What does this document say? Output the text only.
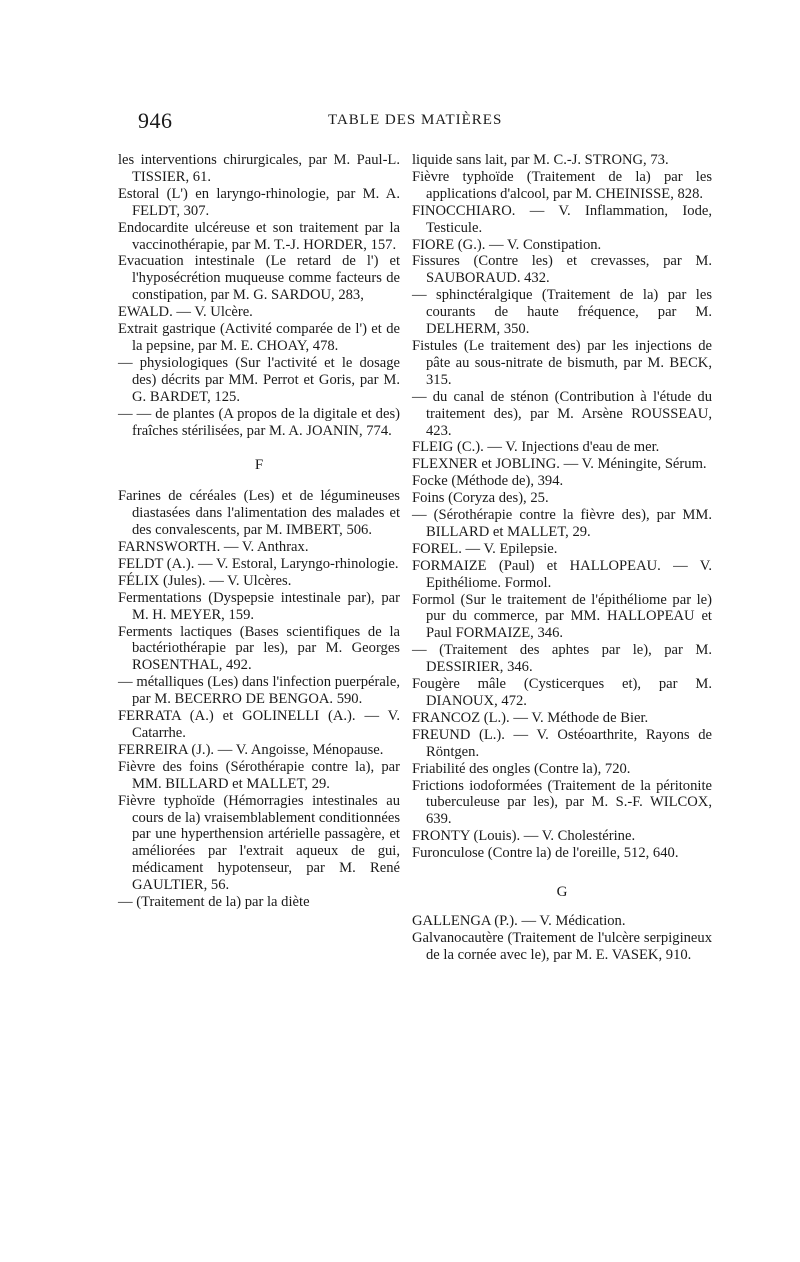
946	TABLE DES MATIÈRES

les interventions chirurgicales, par M. Paul-L. TISSIER, 61.

Estoral (L') en laryngo-rhinologie, par M. A. FELDT, 307.

Endocardite ulcéreuse et son traitement par la vaccinothérapie, par M. T.-J. HORDER, 157.

Evacuation intestinale (Le retard de l') et l'hyposécrétion muqueuse comme facteurs de constipation, par M. G. SARDOU, 283,

EWALD. — V. Ulcère.

Extrait gastrique (Activité comparée de l') et de la pepsine, par M. E. CHOAY, 478.

— physiologiques (Sur l'activité et le dosage des) décrits par MM. Perrot et Goris, par M. G. BARDET, 125.

— — de plantes (A propos de la digitale et des) fraîches stérilisées, par M. A. JOANIN, 774.

F

Farines de céréales (Les) et de légumineuses diastasées dans l'alimentation des malades et des convalescents, par M. IMBERT, 506.

FARNSWORTH. — V. Anthrax.

FELDT (A.). — V. Estoral, Laryngo-rhinologie.

FÉLIX (Jules). — V. Ulcères.

Fermentations (Dyspepsie intestinale par), par M. H. MEYER, 159.

Ferments lactiques (Bases scientifiques de la bactériothérapie par les), par M. Georges ROSENTHAL, 492.

— métalliques (Les) dans l'infection puerpérale, par M. BECERRO DE BENGOA. 590.

FERRATA (A.) et GOLINELLI (A.). — V. Catarrhe.

FERREIRA (J.). — V. Angoisse, Ménopause.

Fièvre des foins (Sérothérapie contre la), par MM. BILLARD et MALLET, 29.

Fièvre typhoïde (Hémorragies intestinales au cours de la) vraisemblablement conditionnées par une hyperthension artérielle passagère, et améliorées par l'extrait aqueux de gui, médicament hypotenseur, par M. René GAULTIER, 56.

— (Traitement de la) par la diète

liquide sans lait, par M. C.-J. STRONG, 73.

Fièvre typhoïde (Traitement de la) par les applications d'alcool, par M. CHEINISSE, 828.

FINOCCHIARO. — V. Inflammation, Iode, Testicule.

FIORE (G.). — V. Constipation.

Fissures (Contre les) et crevasses, par M. SAUBORAUD. 432.

— sphinctéralgique (Traitement de la) par les courants de haute fréquence, par M. DELHERM, 350.

Fistules (Le traitement des) par les injections de pâte au sous-nitrate de bismuth, par M. BECK, 315.

— du canal de sténon (Contribution à l'étude du traitement des), par M. Arsène ROUSSEAU, 423.

FLEIG (C.). — V. Injections d'eau de mer.

FLEXNER et JOBLING. — V. Méningite, Sérum.

Focke (Méthode de), 394.

Foins (Coryza des), 25.

— (Sérothérapie contre la fièvre des), par MM. BILLARD et MALLET, 29.

FOREL. — V. Epilepsie.

FORMAIZE (Paul) et HALLOPEAU. — V. Epithéliome. Formol.

Formol (Sur le traitement de l'épithéliome par le) pur du commerce, par MM. HALLOPEAU et Paul FORMAIZE, 346.

— (Traitement des aphtes par le), par M. DESSIRIER, 346.

Fougère mâle (Cysticerques et), par M. DIANOUX, 472.

FRANCOZ (L.). — V. Méthode de Bier.

FREUND (L.). — V. Ostéoarthrite, Rayons de Röntgen.

Friabilité des ongles (Contre la), 720.

Frictions iodoformées (Traitement de la péritonite tuberculeuse par les), par M. S.-F. WILCOX, 639.

FRONTY (Louis). — V. Cholestérine.

Furonculose (Contre la) de l'oreille, 512, 640.

G

GALLENGA (P.). — V. Médication.

Galvanocautère (Traitement de l'ulcère serpigineux de la cornée avec le), par M. E. VASEK, 910.
